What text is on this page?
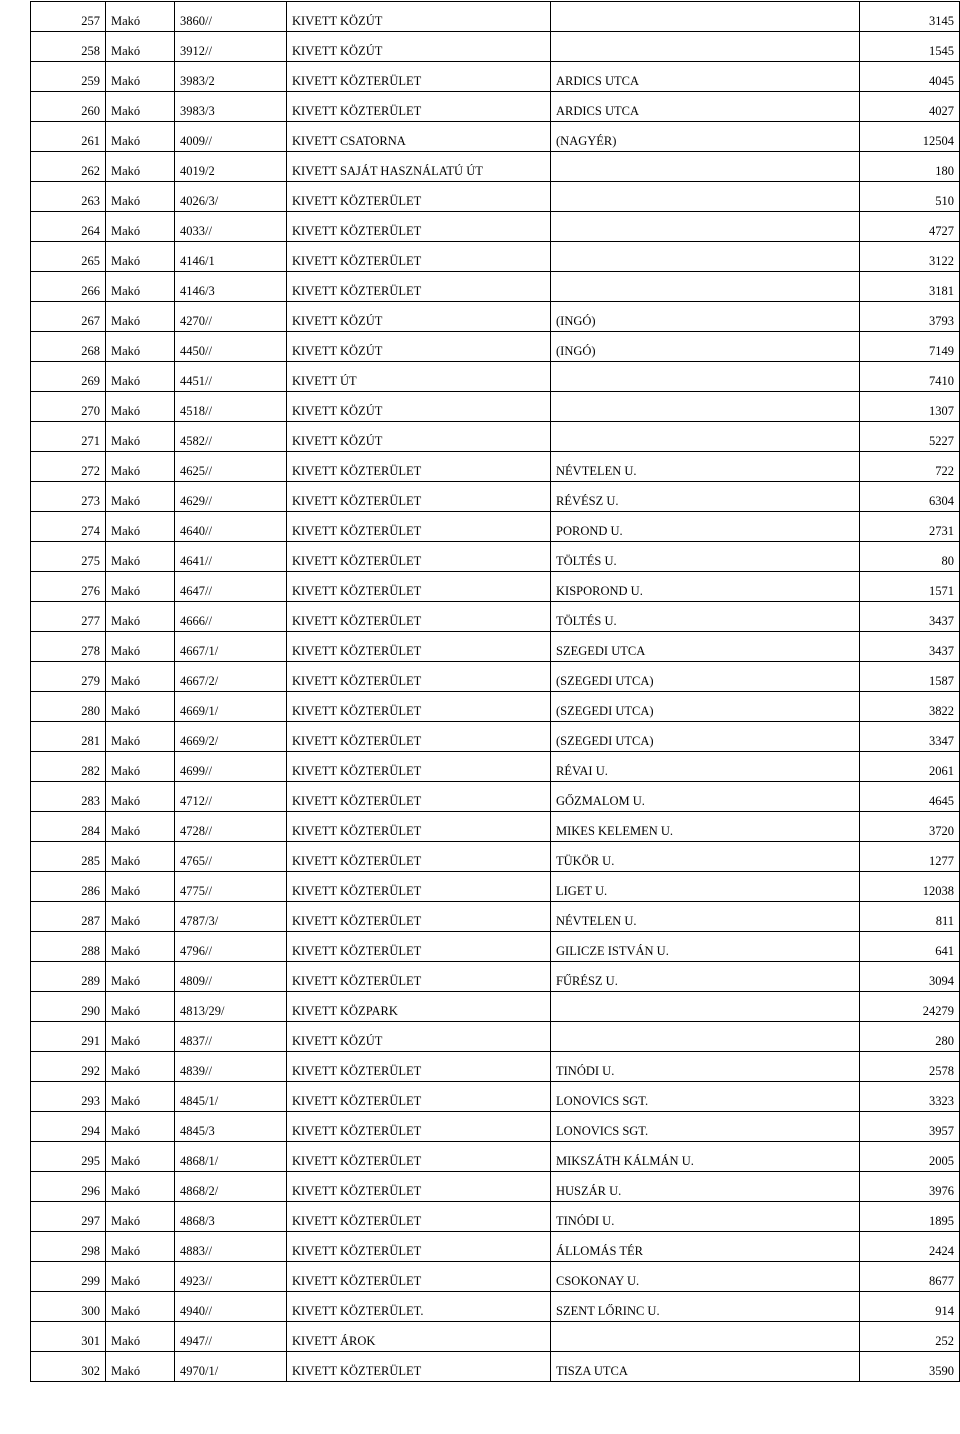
257	Makó	3860//	KIVETT KÖZÚT		3145
258	Makó	3912//	KIVETT KÖZÚT		1545
259	Makó	3983/2	KIVETT KÖZTERÜLET	ARDICS UTCA	4045
260	Makó	3983/3	KIVETT KÖZTERÜLET	ARDICS UTCA	4027
261	Makó	4009//	KIVETT CSATORNA	(NAGYÉR)	12504
262	Makó	4019/2	KIVETT SAJÁT HASZNÁLATÚ ÚT		180
263	Makó	4026/3/	KIVETT KÖZTERÜLET		510
264	Makó	4033//	KIVETT KÖZTERÜLET		4727
265	Makó	4146/1	KIVETT KÖZTERÜLET		3122
266	Makó	4146/3	KIVETT KÖZTERÜLET		3181
267	Makó	4270//	KIVETT KÖZÚT	(INGÓ)	3793
268	Makó	4450//	KIVETT KÖZÚT	(INGÓ)	7149
269	Makó	4451//	KIVETT ÚT		7410
270	Makó	4518//	KIVETT KÖZÚT		1307
271	Makó	4582//	KIVETT KÖZÚT		5227
272	Makó	4625//	KIVETT KÖZTERÜLET	NÉVTELEN U.	722
273	Makó	4629//	KIVETT KÖZTERÜLET	RÉVÉSZ U.	6304
274	Makó	4640//	KIVETT KÖZTERÜLET	POROND U.	2731
275	Makó	4641//	KIVETT KÖZTERÜLET	TÖLTÉS U.	80
276	Makó	4647//	KIVETT KÖZTERÜLET	KISPOROND U.	1571
277	Makó	4666//	KIVETT KÖZTERÜLET	TÖLTÉS U.	3437
278	Makó	4667/1/	KIVETT KÖZTERÜLET	SZEGEDI UTCA	3437
279	Makó	4667/2/	KIVETT KÖZTERÜLET	(SZEGEDI UTCA)	1587
280	Makó	4669/1/	KIVETT KÖZTERÜLET	(SZEGEDI UTCA)	3822
281	Makó	4669/2/	KIVETT KÖZTERÜLET	(SZEGEDI UTCA)	3347
282	Makó	4699//	KIVETT KÖZTERÜLET	RÉVAI U.	2061
283	Makó	4712//	KIVETT KÖZTERÜLET	GŐZMALOM U.	4645
284	Makó	4728//	KIVETT KÖZTERÜLET	MIKES KELEMEN U.	3720
285	Makó	4765//	KIVETT KÖZTERÜLET	TÜKÖR U.	1277
286	Makó	4775//	KIVETT KÖZTERÜLET	LIGET U.	12038
287	Makó	4787/3/	KIVETT KÖZTERÜLET	NÉVTELEN U.	811
288	Makó	4796//	KIVETT KÖZTERÜLET	GILICZE ISTVÁN U.	641
289	Makó	4809//	KIVETT KÖZTERÜLET	FŰRÉSZ U.	3094
290	Makó	4813/29/	KIVETT KÖZPARK		24279
291	Makó	4837//	KIVETT KÖZÚT		280
292	Makó	4839//	KIVETT KÖZTERÜLET	TINÓDI U.	2578
293	Makó	4845/1/	KIVETT KÖZTERÜLET	LONOVICS SGT.	3323
294	Makó	4845/3	KIVETT KÖZTERÜLET	LONOVICS SGT.	3957
295	Makó	4868/1/	KIVETT KÖZTERÜLET	MIKSZÁTH KÁLMÁN U.	2005
296	Makó	4868/2/	KIVETT KÖZTERÜLET	HUSZÁR U.	3976
297	Makó	4868/3	KIVETT KÖZTERÜLET	TINÓDI U.	1895
298	Makó	4883//	KIVETT KÖZTERÜLET	ÁLLOMÁS TÉR	2424
299	Makó	4923//	KIVETT KÖZTERÜLET	CSOKONAY U.	8677
300	Makó	4940//	KIVETT KÖZTERÜLET.	SZENT LŐRINC U.	914
301	Makó	4947//	KIVETT ÁROK		252
302	Makó	4970/1/	KIVETT KÖZTERÜLET	TISZA UTCA	3590
